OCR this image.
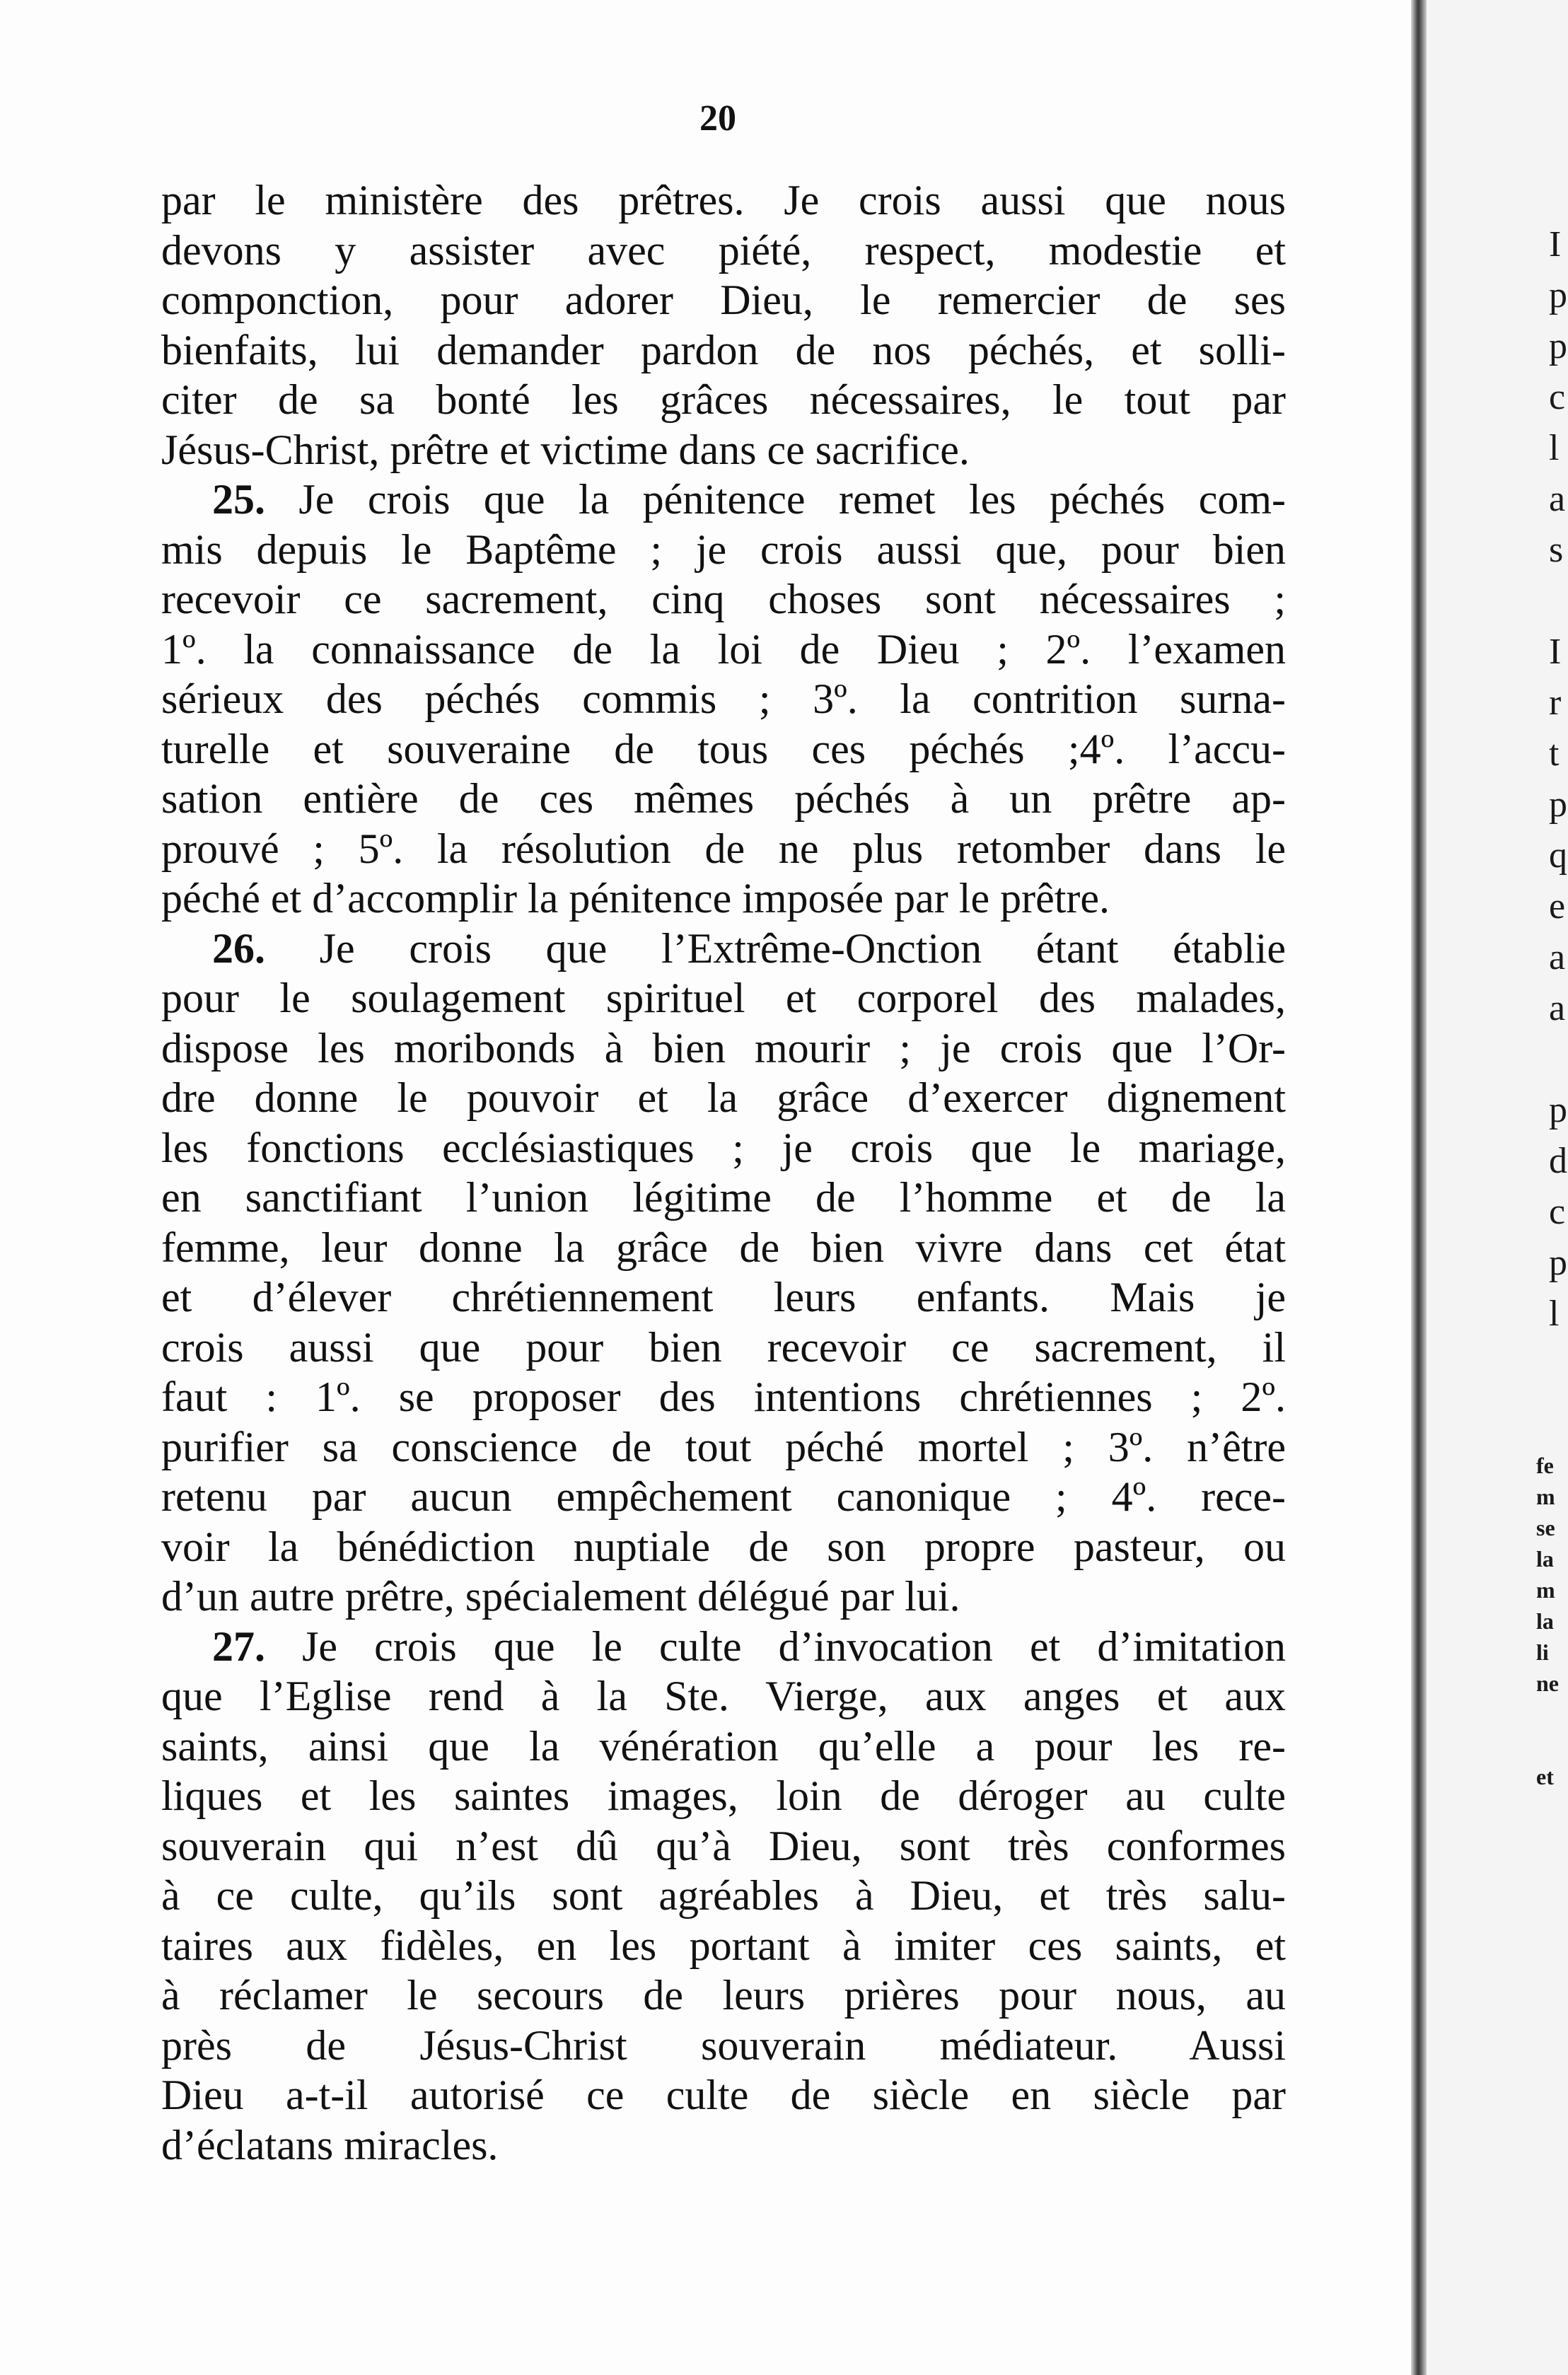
20
par le ministère des prêtres. Je crois aussi que nous
devons y assister avec piété, respect, modestie et
componction, pour adorer Dieu, le remercier de ses
bienfaits, lui demander pardon de nos péchés, et solli-
citer de sa bonté les grâces nécessaires, le tout par
Jésus-Christ, prêtre et victime dans ce sacrifice.
25. Je crois que la pénitence remet les péchés com-
mis depuis le Baptême ; je crois aussi que, pour bien
recevoir ce sacrement, cinq choses sont nécessaires ;
1º. la connaissance de la loi de Dieu ; 2º. l’examen
sérieux des péchés commis ; 3º. la contrition surna-
turelle et souveraine de tous ces péchés ;4º. l’accu-
sation entière de ces mêmes péchés à un prêtre ap-
prouvé ; 5º. la résolution de ne plus retomber dans le
péché et d’accomplir la pénitence imposée par le prêtre.
26. Je crois que l’Extrême-Onction étant établie
pour le soulagement spirituel et corporel des malades,
dispose les moribonds à bien mourir ; je crois que l’Or-
dre donne le pouvoir et la grâce d’exercer dignement
les fonctions ecclésiastiques ; je crois que le mariage,
en sanctifiant l’union légitime de l’homme et de la
femme, leur donne la grâce de bien vivre dans cet état
et d’élever chrétiennement leurs enfants. Mais je
crois aussi que pour bien recevoir ce sacrement, il
faut : 1º. se proposer des intentions chrétiennes ; 2º.
purifier sa conscience de tout péché mortel ; 3º. n’être
retenu par aucun empêchement canonique ; 4º. rece-
voir la bénédiction nuptiale de son propre pasteur, ou
d’un autre prêtre, spécialement délégué par lui.
27. Je crois que le culte d’invocation et d’imitation
que l’Eglise rend à la Ste. Vierge, aux anges et aux
saints, ainsi que la vénération qu’elle a pour les re-
liques et les saintes images, loin de déroger au culte
souverain qui n’est dû qu’à Dieu, sont très conformes
à ce culte, qu’ils sont agréables à Dieu, et très salu-
taires aux fidèles, en les portant à imiter ces saints, et
à réclamer le secours de leurs prières pour nous, au
près de Jésus-Christ souverain médiateur. Aussi
Dieu a-t-il autorisé ce culte de siècle en siècle par
d’éclatans miracles.
I
p
p
c
l
a
s

I
r
t
p
q
e
a
a

p
d
c
p
l
fe
m
se
la
m
la
li
ne

et
